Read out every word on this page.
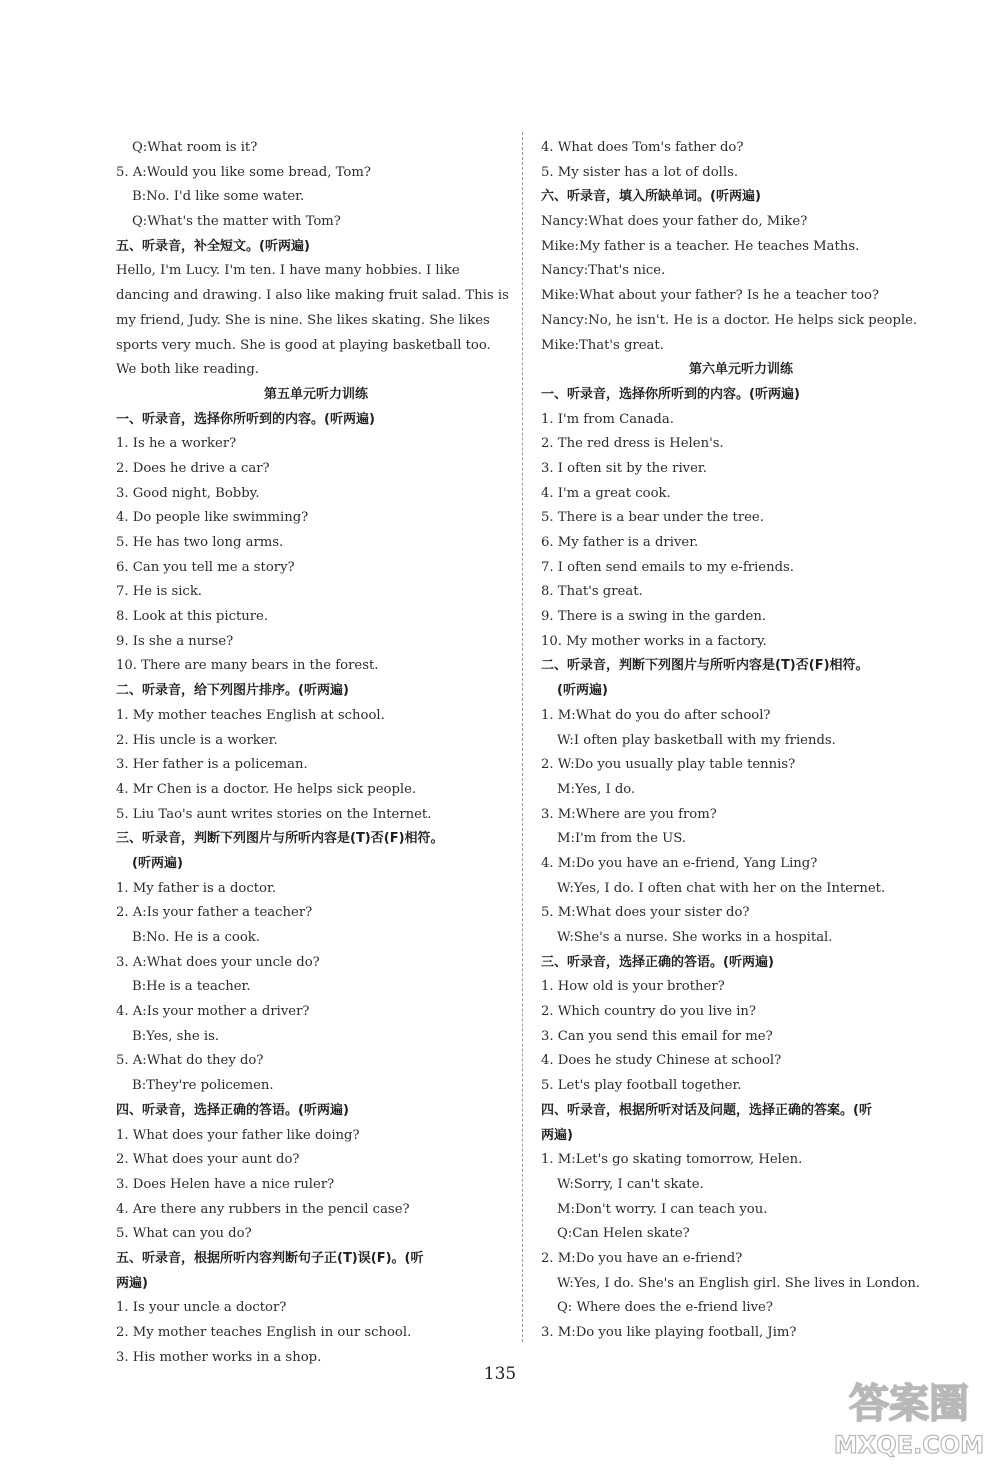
Q:What room is it?
5. A:Would you like some bread, Tom?
B:No. I'd like some water.
Q:What's the matter with Tom?
五、听录音，补全短文。(听两遍)
Hello, I'm Lucy. I'm ten. I have many hobbies. I like
dancing and drawing. I also like making fruit salad. This is
my friend, Judy. She is nine. She likes skating. She likes
sports very much. She is good at playing basketball too.
We both like reading.
第五单元听力训练
一、听录音，选择你所听到的内容。(听两遍)
1. Is he a worker?
2. Does he drive a car?
3. Good night, Bobby.
4. Do people like swimming?
5. He has two long arms.
6. Can you tell me a story?
7. He is sick.
8. Look at this picture.
9. Is she a nurse?
10. There are many bears in the forest.
二、听录音，给下列图片排序。(听两遍)
1. My mother teaches English at school.
2. His uncle is a worker.
3. Her father is a policeman.
4. Mr Chen is a doctor. He helps sick people.
5. Liu Tao's aunt writes stories on the Internet.
三、听录音，判断下列图片与所听内容是(T)否(F)相符。
(听两遍)
1. My father is a doctor.
2. A:Is your father a teacher?
B:No. He is a cook.
3. A:What does your uncle do?
B:He is a teacher.
4. A:Is your mother a driver?
B:Yes, she is.
5. A:What do they do?
B:They're policemen.
四、听录音，选择正确的答语。(听两遍)
1. What does your father like doing?
2. What does your aunt do?
3. Does Helen have a nice ruler?
4. Are there any rubbers in the pencil case?
5. What can you do?
五、听录音，根据所听内容判断句子正(T)误(F)。(听
两遍)
1. Is your uncle a doctor?
2. My mother teaches English in our school.
3. His mother works in a shop.
4. What does Tom's father do?
5. My sister has a lot of dolls.
六、听录音，填入所缺单词。(听两遍)
Nancy:What does your father do, Mike?
Mike:My father is a teacher. He teaches Maths.
Nancy:That's nice.
Mike:What about your father? Is he a teacher too?
Nancy:No, he isn't. He is a doctor. He helps sick people.
Mike:That's great.
第六单元听力训练
一、听录音，选择你所听到的内容。(听两遍)
1. I'm from Canada.
2. The red dress is Helen's.
3. I often sit by the river.
4. I'm a great cook.
5. There is a bear under the tree.
6. My father is a driver.
7. I often send emails to my e-friends.
8. That's great.
9. There is a swing in the garden.
10. My mother works in a factory.
二、听录音，判断下列图片与所听内容是(T)否(F)相符。
(听两遍)
1. M:What do you do after school?
W:I often play basketball with my friends.
2. W:Do you usually play table tennis?
M:Yes, I do.
3. M:Where are you from?
M:I'm from the US.
4. M:Do you have an e-friend, Yang Ling?
W:Yes, I do. I often chat with her on the Internet.
5. M:What does your sister do?
W:She's a nurse. She works in a hospital.
三、听录音，选择正确的答语。(听两遍)
1. How old is your brother?
2. Which country do you live in?
3. Can you send this email for me?
4. Does he study Chinese at school?
5. Let's play football together.
四、听录音，根据所听对话及问题，选择正确的答案。(听
两遍)
1. M:Let's go skating tomorrow, Helen.
W:Sorry, I can't skate.
M:Don't worry. I can teach you.
Q:Can Helen skate?
2. M:Do you have an e-friend?
W:Yes, I do. She's an English girl. She lives in London.
Q: Where does the e-friend live?
3. M:Do you like playing football, Jim?
135
答案圈
MXQE.COM
